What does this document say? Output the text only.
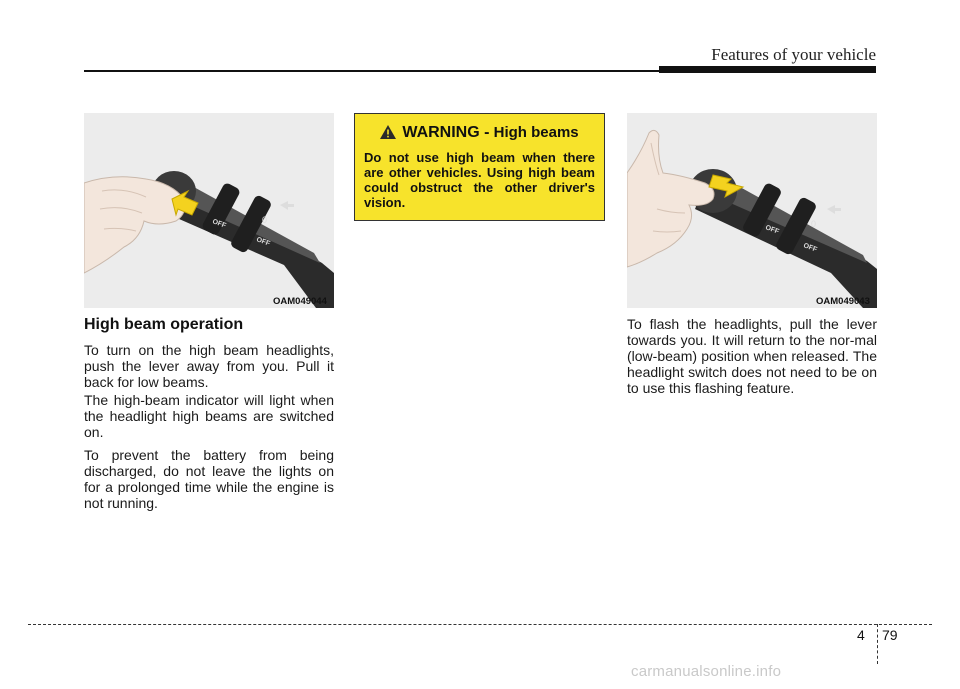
Features of your vehicle
OFF
OFF
0
OAM049044
High beam operation

To turn on the high beam headlights, push the lever away from you. Pull it back for low beams.

The high-beam indicator will light when the headlight high beams are switched on.

To prevent the battery from being discharged, do not leave the lights on for a prolonged time while the engine is not running.

WARNING - High beams

Do not use high beam when there are other vehicles. Using high beam could obstruct the other driver's vision.

OFF
OFF
0
OAM049043

To flash the headlights, pull the lever towards you. It will return to the nor-mal (low-beam) position when released. The headlight switch does not need to be on to use this flashing feature.

4 79
carmanualsonline.info
